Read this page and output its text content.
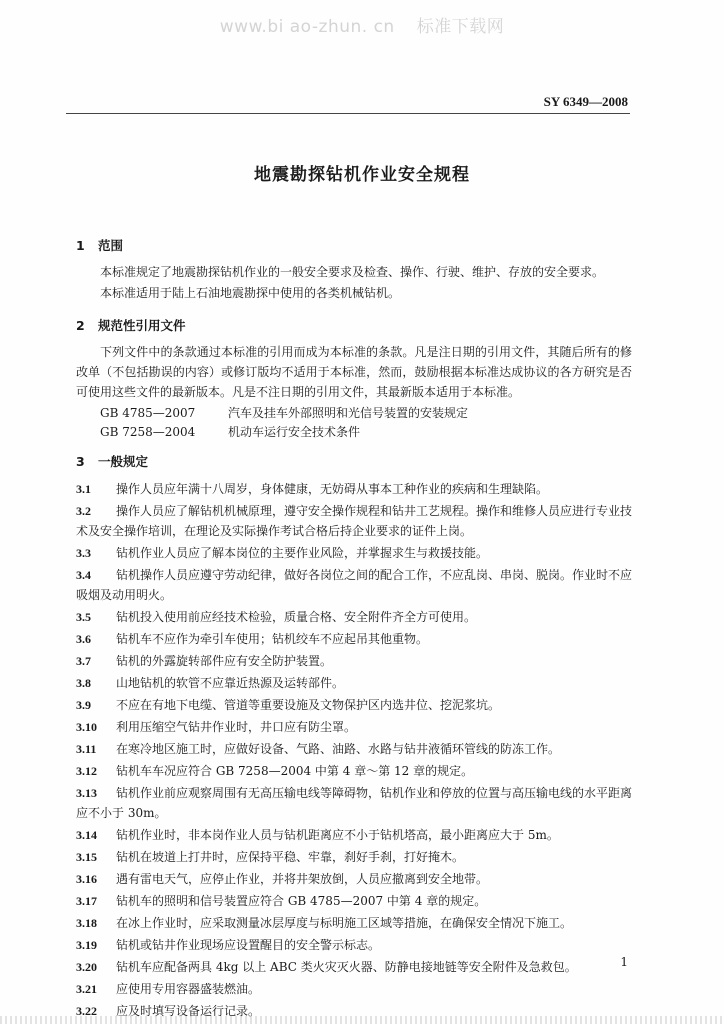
www.bi ao-zhun. cn 标准下载网
SY 6349—2008
地震勘探钻机作业安全规程
1 范围

本标准规定了地震勘探钻机作业的一般安全要求及检查、操作、行驶、维护、存放的安全要求。

本标准适用于陆上石油地震勘探中使用的各类机械钻机。

2 规范性引用文件

下列文件中的条款通过本标准的引用而成为本标准的条款。凡是注日期的引用文件，其随后所有的修改单（不包括勘误的内容）或修订版均不适用于本标准，然而，鼓励根据本标准达成协议的各方研究是否可使用这些文件的最新版本。凡是不注日期的引用文件，其最新版本适用于本标准。

GB 4785—2007	汽车及挂车外部照明和光信号装置的安装规定
GB 7258—2004	机动车运行安全技术条件
3 一般规定

3.1 操作人员应年满十八周岁，身体健康，无妨碍从事本工种作业的疾病和生理缺陷。

3.2 操作人员应了解钻机机械原理，遵守安全操作规程和钻井工艺规程。操作和维修人员应进行专业技术及安全操作培训，在理论及实际操作考试合格后持企业要求的证件上岗。

3.3 钻机作业人员应了解本岗位的主要作业风险，并掌握求生与救援技能。

3.4 钻机操作人员应遵守劳动纪律，做好各岗位之间的配合工作，不应乱岗、串岗、脱岗。作业时不应吸烟及动用明火。

3.5 钻机投入使用前应经技术检验，质量合格、安全附件齐全方可使用。

3.6 钻机车不应作为牵引车使用；钻机绞车不应起吊其他重物。

3.7 钻机的外露旋转部件应有安全防护装置。

3.8 山地钻机的软管不应靠近热源及运转部件。

3.9 不应在有地下电缆、管道等重要设施及文物保护区内选井位、挖泥浆坑。

3.10 利用压缩空气钻井作业时，井口应有防尘罩。

3.11 在寒冷地区施工时，应做好设备、气路、油路、水路与钻井液循环管线的防冻工作。

3.12 钻机车车况应符合 GB 7258—2004 中第 4 章～第 12 章的规定。

3.13 钻机作业前应观察周围有无高压输电线等障碍物，钻机作业和停放的位置与高压输电线的水平距离应不小于 30m。

3.14 钻机作业时，非本岗作业人员与钻机距离应不小于钻机塔高，最小距离应大于 5m。

3.15 钻机在坡道上打井时，应保持平稳、牢靠，刹好手刹，打好掩木。

3.16 遇有雷电天气，应停止作业，并将井架放倒，人员应撤离到安全地带。

3.17 钻机车的照明和信号装置应符合 GB 4785—2007 中第 4 章的规定。

3.18 在冰上作业时，应采取测量冰层厚度与标明施工区域等措施，在确保安全情况下施工。

3.19 钻机或钻井作业现场应设置醒目的安全警示标志。

3.20 钻机车应配备两具 4kg 以上 ABC 类火灾灭火器、防静电接地链等安全附件及急救包。

3.21 应使用专用容器盛装燃油。

3.22 应及时填写设备运行记录。

1
